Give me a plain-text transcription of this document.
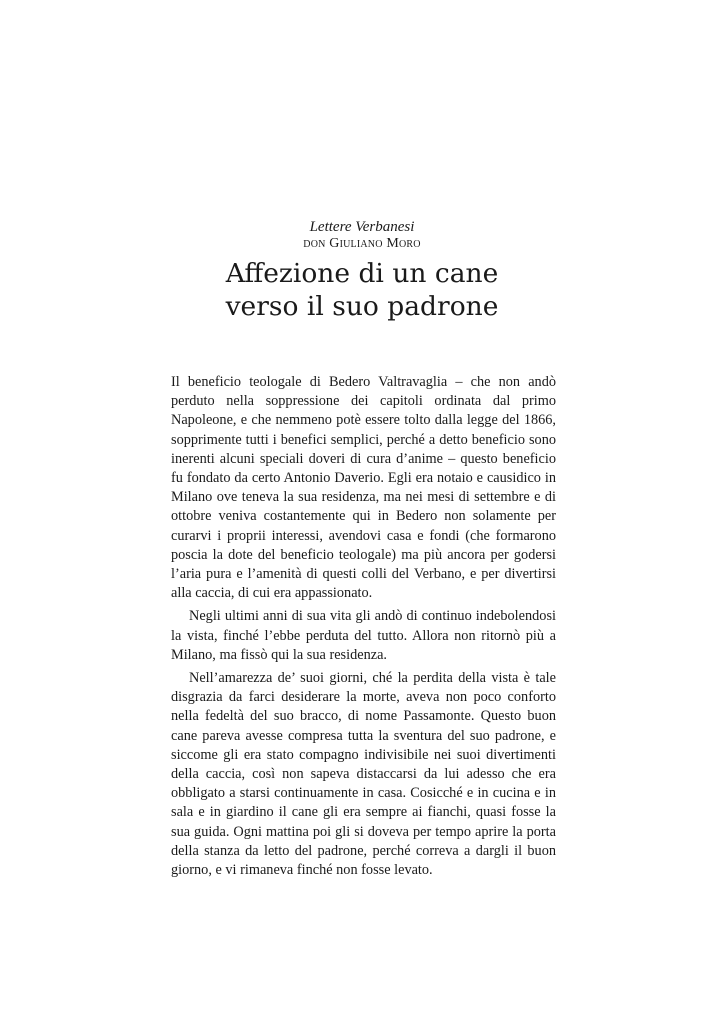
Lettere Verbanesi

don Giuliano Moro

Affezione di un cane
verso il suo padrone

Il beneficio teologale di Bedero Valtravaglia – che non andò perduto nella soppressione dei capitoli ordinata dal primo Napoleone, e che nemmeno potè essere tolto dalla legge del 1866, sopprimente tutti i benefici semplici, perché a detto beneficio sono inerenti alcuni speciali doveri di cura d’anime – questo beneficio fu fondato da certo Antonio Daverio. Egli era notaio e causidico in Milano ove teneva la sua residenza, ma nei mesi di settembre e di ottobre veniva costantemente qui in Bedero non solamente per curarvi i proprii interessi, avendovi casa e fondi (che formarono poscia la dote del beneficio teologale) ma più ancora per godersi l’aria pura e l’amenità di questi colli del Verbano, e per divertirsi alla caccia, di cui era appassionato.

Negli ultimi anni di sua vita gli andò di continuo indebolendosi la vista, finché l’ebbe perduta del tutto. Allora non ritornò più a Milano, ma fissò qui la sua residenza.

Nell’amarezza de’ suoi giorni, ché la perdita della vista è tale disgrazia da farci desiderare la morte, aveva non poco conforto nella fedeltà del suo bracco, di nome Passamonte. Questo buon cane pareva avesse compresa tutta la sventura del suo padrone, e siccome gli era stato compagno indivisibile nei suoi divertimenti della caccia, così non sapeva distaccarsi da lui adesso che era obbligato a starsi continuamente in casa. Cosicché e in cucina e in sala e in giardino il cane gli era sempre ai fianchi, quasi fosse la sua guida. Ogni mattina poi gli si doveva per tempo aprire la porta della stanza da letto del padrone, perché correva a dargli il buon giorno, e vi rimaneva finché non fosse levato.
